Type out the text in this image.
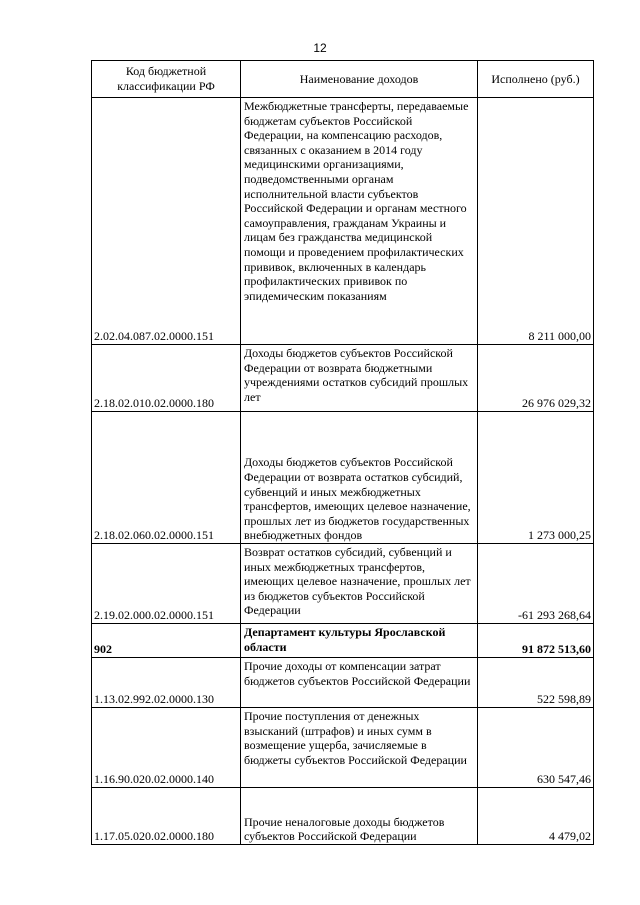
12
Код бюджетной классификации РФ	Наименование доходов	Исполнено (руб.)
2.02.04.087.02.0000.151	Межбюджетные трансферты, передаваемые бюджетам субъектов Российской Федерации, на компенсацию расходов, связанных с оказанием в 2014 году медицинскими организациями, подведомственными органам исполнительной власти субъектов Российской Федерации и органам местного самоуправления, гражданам Украины и лицам без гражданства медицинской помощи и проведением профилактических прививок, включенных в календарь профилактических прививок по эпидемическим показаниям	8 211 000,00
2.18.02.010.02.0000.180	Доходы бюджетов субъектов Российской Федерации от возврата бюджетными учреждениями остатков субсидий прошлых лет	26 976 029,32
2.18.02.060.02.0000.151	Доходы бюджетов субъектов Российской Федерации от возврата остатков субсидий, субвенций и иных межбюджетных трансфертов, имеющих целевое назначение, прошлых лет из бюджетов государственных внебюджетных фондов	1 273 000,25
2.19.02.000.02.0000.151	Возврат остатков субсидий, субвенций и иных межбюджетных трансфертов, имеющих целевое назначение, прошлых лет из бюджетов субъектов Российской Федерации	-61 293 268,64
902	Департамент культуры Ярославской области	91 872 513,60
1.13.02.992.02.0000.130	Прочие доходы от компенсации затрат бюджетов субъектов Российской Федерации	522 598,89
1.16.90.020.02.0000.140	Прочие поступления от денежных взысканий (штрафов) и иных сумм в возмещение ущерба, зачисляемые в бюджеты субъектов Российской Федерации	630 547,46
1.17.05.020.02.0000.180	Прочие неналоговые доходы бюджетов субъектов Российской Федерации	4 479,02
